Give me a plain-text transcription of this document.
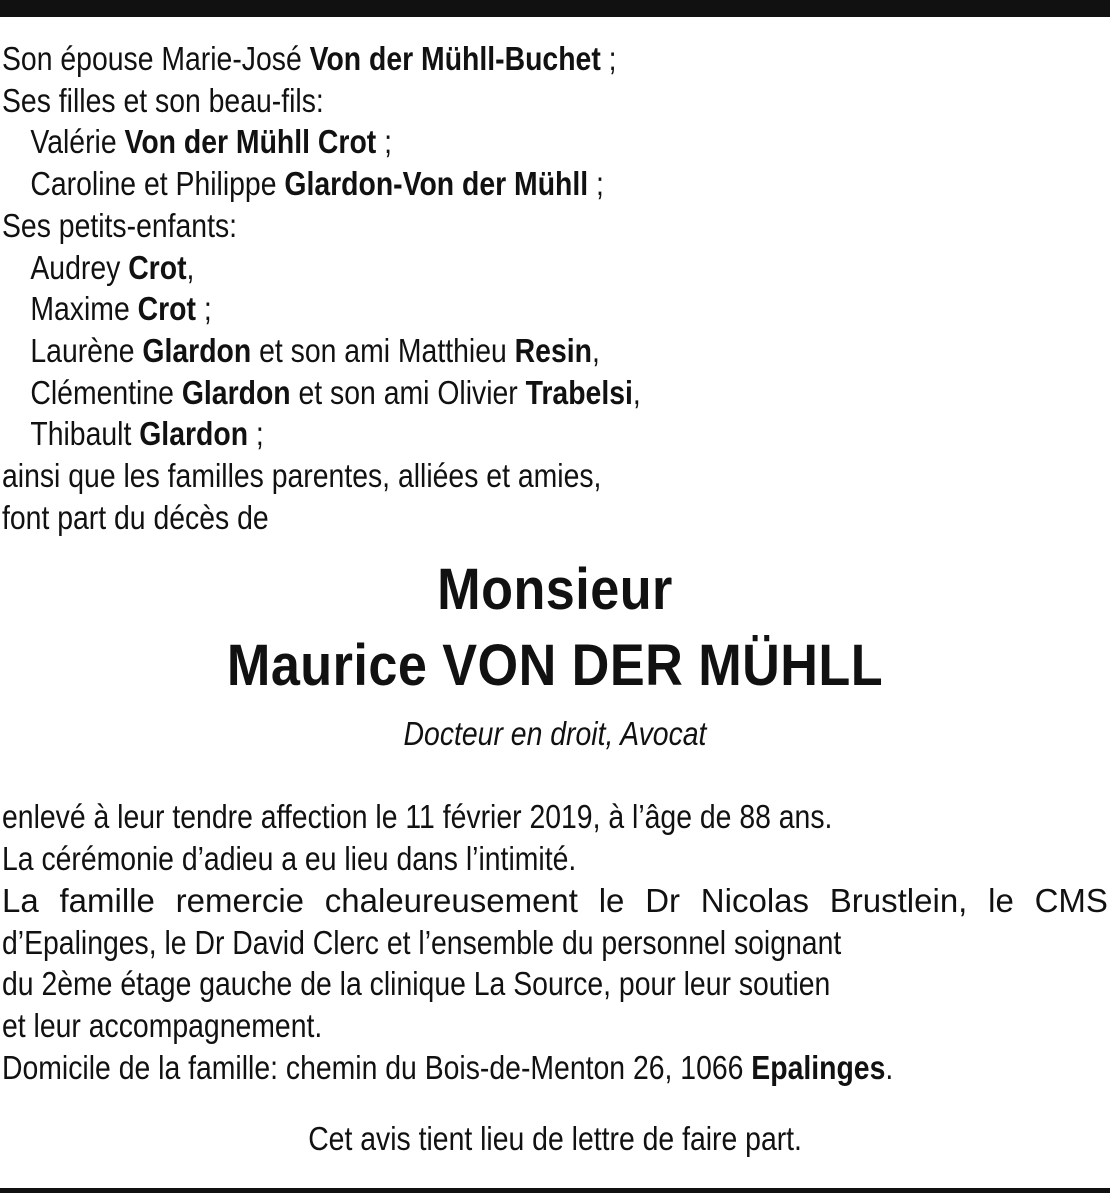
Son épouse Marie-José Von der Mühll-Buchet ;

Ses filles et son beau-fils:

Valérie Von der Mühll Crot ;

Caroline et Philippe Glardon-Von der Mühll ;

Ses petits-enfants:

Audrey Crot,

Maxime Crot ;

Laurène Glardon et son ami Matthieu Resin,

Clémentine Glardon et son ami Olivier Trabelsi,

Thibault Glardon ;

ainsi que les familles parentes, alliées et amies,

font part du décès de

Monsieur
Maurice VON DER MÜHLL
Docteur en droit, Avocat

enlevé à leur tendre affection le 11 février 2019, à l’âge de 88 ans.

La cérémonie d’adieu a eu lieu dans l’intimité.

La famille remercie chaleureusement le Dr Nicolas Brustlein, le CMS

d’Epalinges, le Dr David Clerc et l’ensemble du personnel soignant

du 2ème étage gauche de la clinique La Source, pour leur soutien

et leur accompagnement.

Domicile de la famille: chemin du Bois-de-Menton 26, 1066 Epalinges.

Cet avis tient lieu de lettre de faire part.
